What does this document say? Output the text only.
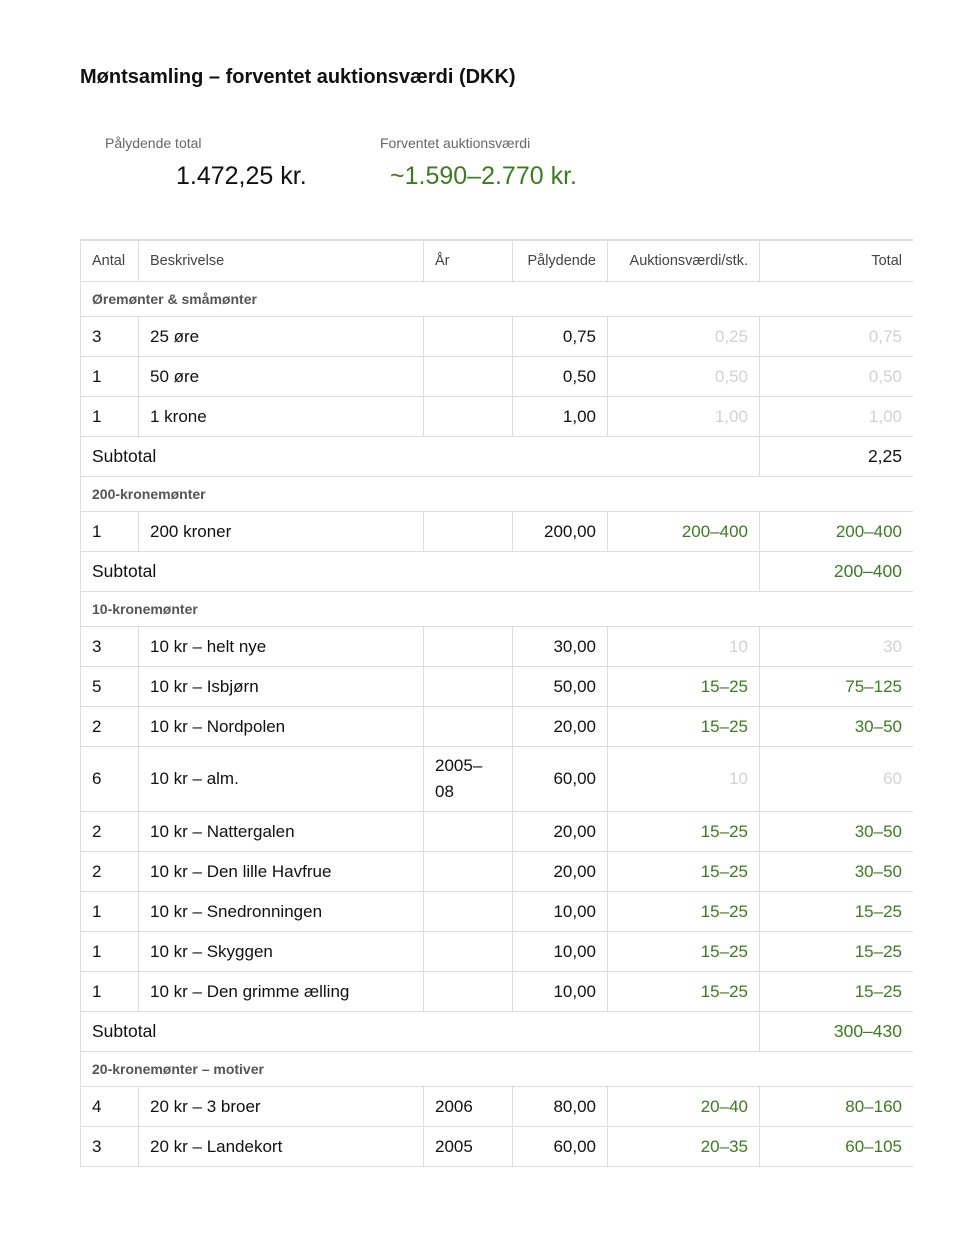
Møntsamling – forventet auktionsværdi (DKK)
Pålydende total
1.472,25 kr.
Forventet auktionsværdi
~1.590–2.770 kr.
Antal	Beskrivelse	År	Pålydende	Auktionsværdi/stk.	Total
Øremønter & småmønter					
3	25 øre		0,75	0,25	0,75
1	50 øre		0,50	0,50	0,50
1	1 krone		1,00	1,00	1,00
Subtotal					2,25
200-kronemønter					
1	200 kroner		200,00	200–400	200–400
Subtotal					200–400
10-kronemønter					
3	10 kr – helt nye		30,00	10	30
5	10 kr – Isbjørn		50,00	15–25	75–125
2	10 kr – Nordpolen		20,00	15–25	30–50
6	10 kr – alm.	2005–08	60,00	10	60
2	10 kr – Nattergalen		20,00	15–25	30–50
2	10 kr – Den lille Havfrue		20,00	15–25	30–50
1	10 kr – Snedronningen		10,00	15–25	15–25
1	10 kr – Skyggen		10,00	15–25	15–25
1	10 kr – Den grimme ælling		10,00	15–25	15–25
Subtotal					300–430
20-kronemønter – motiver					
4	20 kr – 3 broer	2006	80,00	20–40	80–160
3	20 kr – Landekort	2005	60,00	20–35	60–105
